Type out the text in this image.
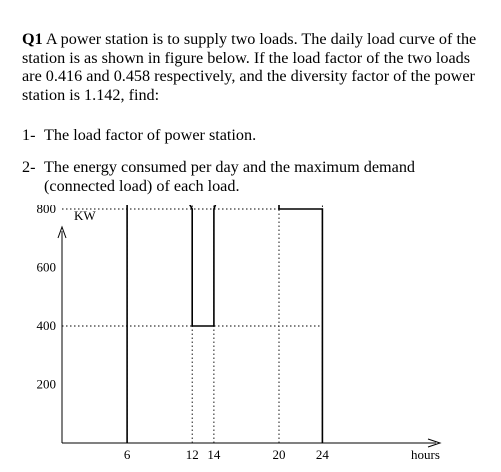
Q1 A power station is to supply two loads. The daily load curve of the station is as shown in figure below. If the load factor of the two loads are 0.416 and 0.458 respectively, and the diversity factor of the power station is 1.142, find:
1- The load factor of power station.
2- The energy consumed per day and the maximum demand
(connected load) of each load.
200
400
600
800
6	12 14	20 24
KW
hours
